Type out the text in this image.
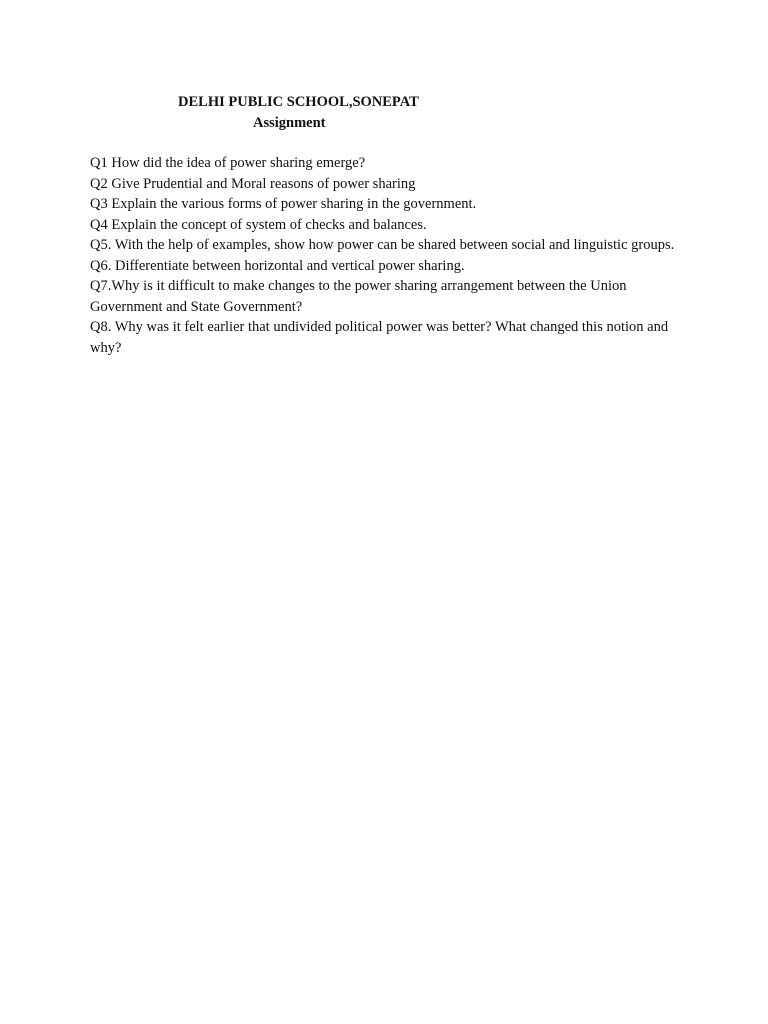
DELHI PUBLIC SCHOOL,SONEPAT
Assignment
Q1 How did the idea of power sharing emerge?
Q2 Give Prudential and Moral reasons of power sharing
Q3 Explain the various forms of power sharing in the government.
Q4 Explain the concept of system of checks and balances.
Q5. With the help of examples, show how power can be shared between social and linguistic groups.
Q6. Differentiate between horizontal and vertical power sharing.
Q7.Why is it difficult to make changes to the power sharing arrangement between the Union Government and State Government?
Q8. Why was it felt earlier that undivided political power was better? What changed this notion and why?
